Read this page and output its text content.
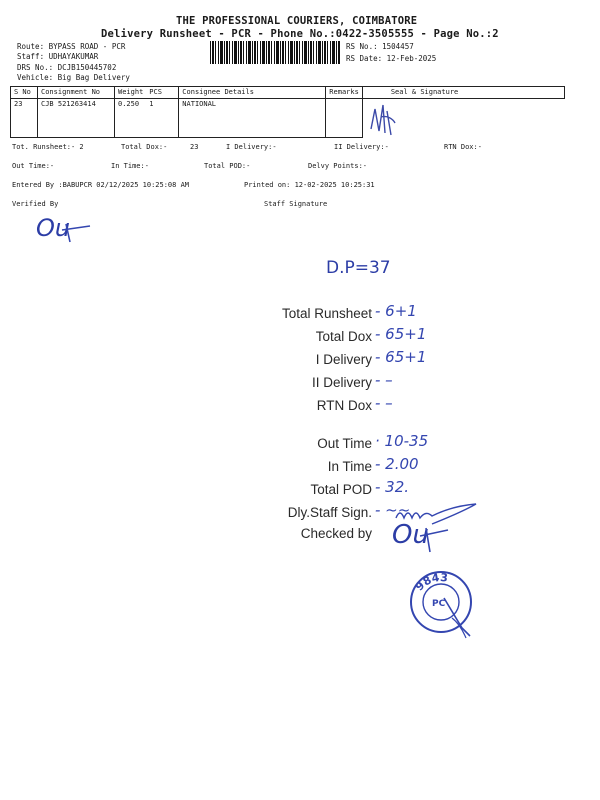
THE PROFESSIONAL COURIERS, COIMBATORE
Delivery Runsheet - PCR - Phone No.:0422-3505555 - Page No.:2
Route: BYPASS ROAD - PCR
Staff: UDHAYAKUMAR
DRS No.: DCJB150445702
Vehicle: Big Bag Delivery
RS No.: 1504457
RS Date: 12-Feb-2025
S No	Consignment No	Weight	PCS	Consignee Details	Remarks	Seal & Signature
23	CJB 521263414	0.250	1	NATIONAL		
Tot. Runsheet:- 2	Total Dox:-	23	I Delivery:-	II Delivery:-	RTN Dox:-
Out Time:-	In Time:-	Total POD:-	Delvy Points:-
Entered By :BABUPCR 02/12/2025 10:25:08 AM	Printed on: 12-02-2025 10:25:31
Verified By	Staff Signature
Ou
D.P=37
Total Runsheet - 6+1
Total Dox - 65+1
I Delivery - 65+1
II Delivery - –
RTN Dox - –
Out Time · 10-35
In Time - 2.00
Total POD - 32.
Dly.Staff Sign. - ~~
Checked by Ou
9843
PC
